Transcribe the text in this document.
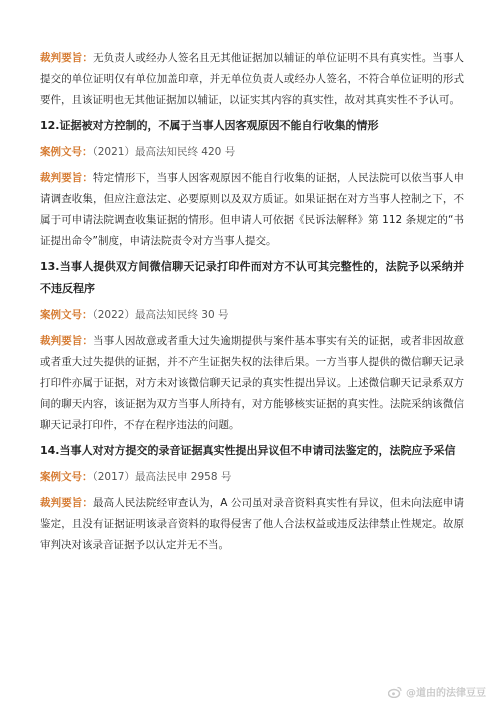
裁判要旨：无负责人或经办人签名且无其他证据加以辅证的单位证明不具有真实性。当事人提交的单位证明仅有单位加盖印章，并无单位负责人或经办人签名，不符合单位证明的形式要件，且该证明也无其他证据加以辅证，以证实其内容的真实性，故对其真实性不予认可。

12.证据被对方控制的，不属于当事人因客观原因不能自行收集的情形

案例文号：（2021）最高法知民终 420 号

裁判要旨：特定情形下，当事人因客观原因不能自行收集的证据，人民法院可以依当事人申请调查收集，但应注意法定、必要原则以及双方质证。如果证据在对方当事人控制之下，不属于可申请法院调查收集证据的情形。但申请人可依据《民诉法解释》第 112 条规定的“书证提出命令”制度，申请法院责令对方当事人提交。

13.当事人提供双方间微信聊天记录打印件而对方不认可其完整性的，法院予以采纳并不违反程序

案例文号：（2022）最高法知民终 30 号

裁判要旨：当事人因故意或者重大过失逾期提供与案件基本事实有关的证据，或者非因故意或者重大过失提供的证据，并不产生证据失权的法律后果。一方当事人提供的微信聊天记录打印件亦属于证据，对方未对该微信聊天记录的真实性提出异议。上述微信聊天记录系双方间的聊天内容，该证据为双方当事人所持有，对方能够核实证据的真实性。法院采纳该微信聊天记录打印件，不存在程序违法的问题。

14.当事人对对方提交的录音证据真实性提出异议但不申请司法鉴定的，法院应予采信

案例文号：（2017）最高法民申 2958 号

裁判要旨：最高人民法院经审查认为，A 公司虽对录音资料真实性有异议，但未向法庭申请鉴定，且没有证据证明该录音资料的取得侵害了他人合法权益或违反法律禁止性规定。故原审判决对该录音证据予以认定并无不当。

@道由的法律豆豆
